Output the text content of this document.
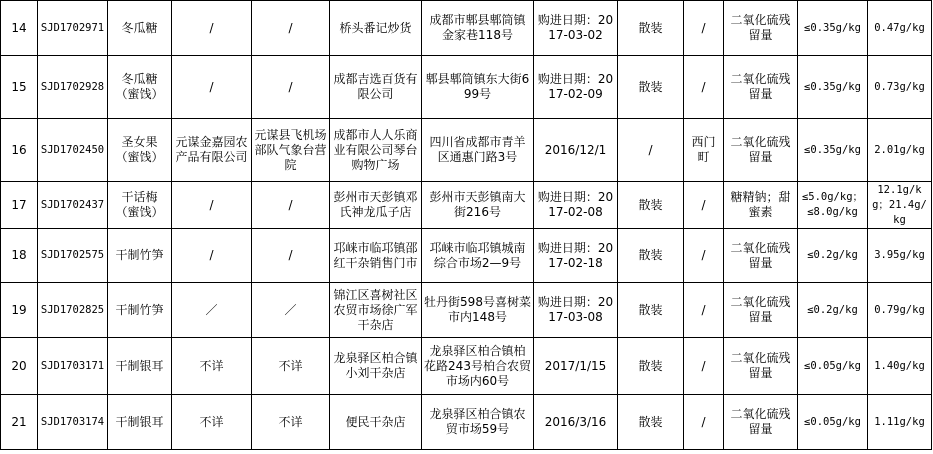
14	SJD1702971	冬瓜糖	/	/	桥头番记炒货	成都市郫县郫筒镇金家巷118号	购进日期：2017-03-02	散装	/	二氧化硫残留量	≤0.35g/kg	0.47g/kg
15	SJD1702928	冬瓜糖（蜜饯）	/	/	成都吉选百货有限公司	郫县郫筒镇东大街699号	购进日期：2017-02-09	散装	/	二氧化硫残留量	≤0.35g/kg	0.73g/kg
16	SJD1702450	圣女果（蜜饯）	元谋金嘉园农产品有限公司	元谋县飞机场部队气象台营院	成都市人人乐商业有限公司琴台购物广场	四川省成都市青羊区通惠门路3号	2016/12/1	/	西门町	二氧化硫残留量	≤0.35g/kg	2.01g/kg
17	SJD1702437	干话梅（蜜饯）	/	/	彭州市天彭镇邓氏神龙瓜子店	彭州市天彭镇南大街216号	购进日期：2017-02-08	散装	/	糖精钠；甜蜜素	≤5.0g/kg；≤8.0g/kg	12.1g/kg；21.4g/kg
18	SJD1702575	干制竹笋	/	/	邛崃市临邛镇邵红干杂销售门市	邛崃市临邛镇城南综合市场2—9号	购进日期：2017-02-18	散装	/	二氧化硫残留量	≤0.2g/kg	3.95g/kg
19	SJD1702825	干制竹笋	／	／	锦江区喜树社区农贸市场徐广军干杂店	牡丹街598号喜树菜市内148号	购进日期：2017-03-08	散装	/	二氧化硫残留量	≤0.2g/kg	0.79g/kg
20	SJD1703171	干制银耳	不详	不详	龙泉驿区柏合镇小刘干杂店	龙泉驿区柏合镇柏花路243号柏合农贸市场内60号	2017/1/15	散装	/	二氧化硫残留量	≤0.05g/kg	1.40g/kg
21	SJD1703174	干制银耳	不详	不详	便民干杂店	龙泉驿区柏合镇农贸市场59号	2016/3/16	散装	/	二氧化硫残留量	≤0.05g/kg	1.11g/kg
